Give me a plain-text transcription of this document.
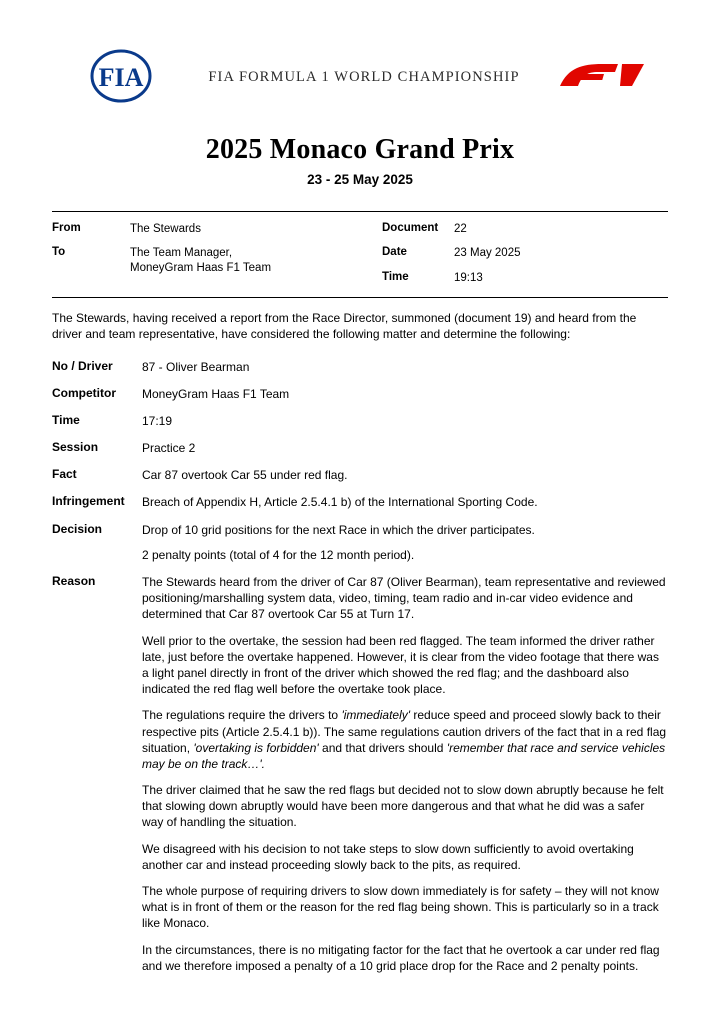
FIA	FIA FORMULA 1 WORLD CHAMPIONSHIP
2025 Monaco Grand Prix
23 - 25 May 2025
From	The Stewards
To	The Team Manager,
MoneyGram Haas F1 Team
Document	22
Date	23 May 2025
Time	19:13
The Stewards, having received a report from the Race Director, summoned (document 19) and heard from the driver and team representative, have considered the following matter and determine the following:
No / Driver	87 - Oliver Bearman
Competitor	MoneyGram Haas F1 Team
Time	17:19
Session	Practice 2
Fact	Car 87 overtook Car 55 under red flag.
Infringement	Breach of Appendix H, Article 2.5.4.1 b) of the International Sporting Code.
Decision	Drop of 10 grid positions for the next Race in which the driver participates.

2 penalty points (total of 4 for the 12 month period).

Reason	The Stewards heard from the driver of Car 87 (Oliver Bearman), team representative and reviewed positioning/marshalling system data, video, timing, team radio and in-car video evidence and determined that Car 87 overtook Car 55 at Turn 17.

Well prior to the overtake, the session had been red flagged. The team informed the driver rather late, just before the overtake happened. However, it is clear from the video footage that there was a light panel directly in front of the driver which showed the red flag; and the dashboard also indicated the red flag well before the overtake took place.

The regulations require the drivers to 'immediately' reduce speed and proceed slowly back to their respective pits (Article 2.5.4.1 b)). The same regulations caution drivers of the fact that in a red flag situation, 'overtaking is forbidden' and that drivers should 'remember that race and service vehicles may be on the track…'.

The driver claimed that he saw the red flags but decided not to slow down abruptly because he felt that slowing down abruptly would have been more dangerous and that what he did was a safer way of handling the situation.

We disagreed with his decision to not take steps to slow down sufficiently to avoid overtaking another car and instead proceeding slowly back to the pits, as required.

The whole purpose of requiring drivers to slow down immediately is for safety – they will not know what is in front of them or the reason for the red flag being shown. This is particularly so in a track like Monaco.

In the circumstances, there is no mitigating factor for the fact that he overtook a car under red flag and we therefore imposed a penalty of a 10 grid place drop for the Race and 2 penalty points.
